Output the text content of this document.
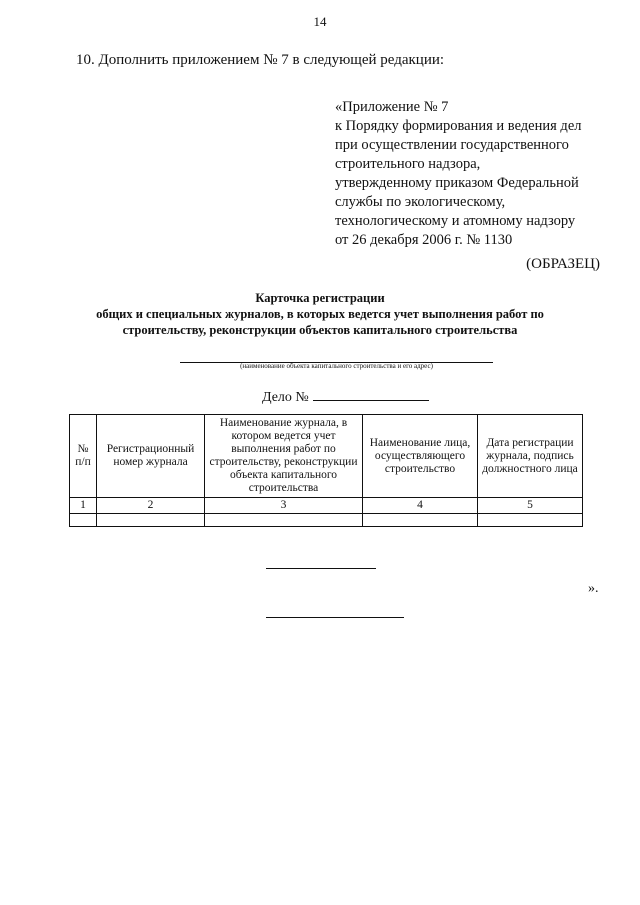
14
10. Дополнить приложением № 7 в следующей редакции:
«Приложение № 7
к Порядку формирования и ведения дел
при осуществлении государственного
строительного надзора,
утвержденному приказом Федеральной
службы по экологическому,
технологическому и атомному надзору
от 26 декабря 2006 г. № 1130
(ОБРАЗЕЦ)
Карточка регистрации
общих и специальных журналов, в которых ведется учет выполнения работ по
строительству, реконструкции объектов капитального строительства
(наименование объекта капитального строительства и его адрес)
Дело №
№ п/п	Регистрационный номер журнала	Наименование журнала, в котором ведется учет выполнения работ по строительству, реконструкции объекта капитального строительства	Наименование лица, осуществляющего строительство	Дата регистрации журнала, подпись должностного лица
1	2	3	4	5

».
